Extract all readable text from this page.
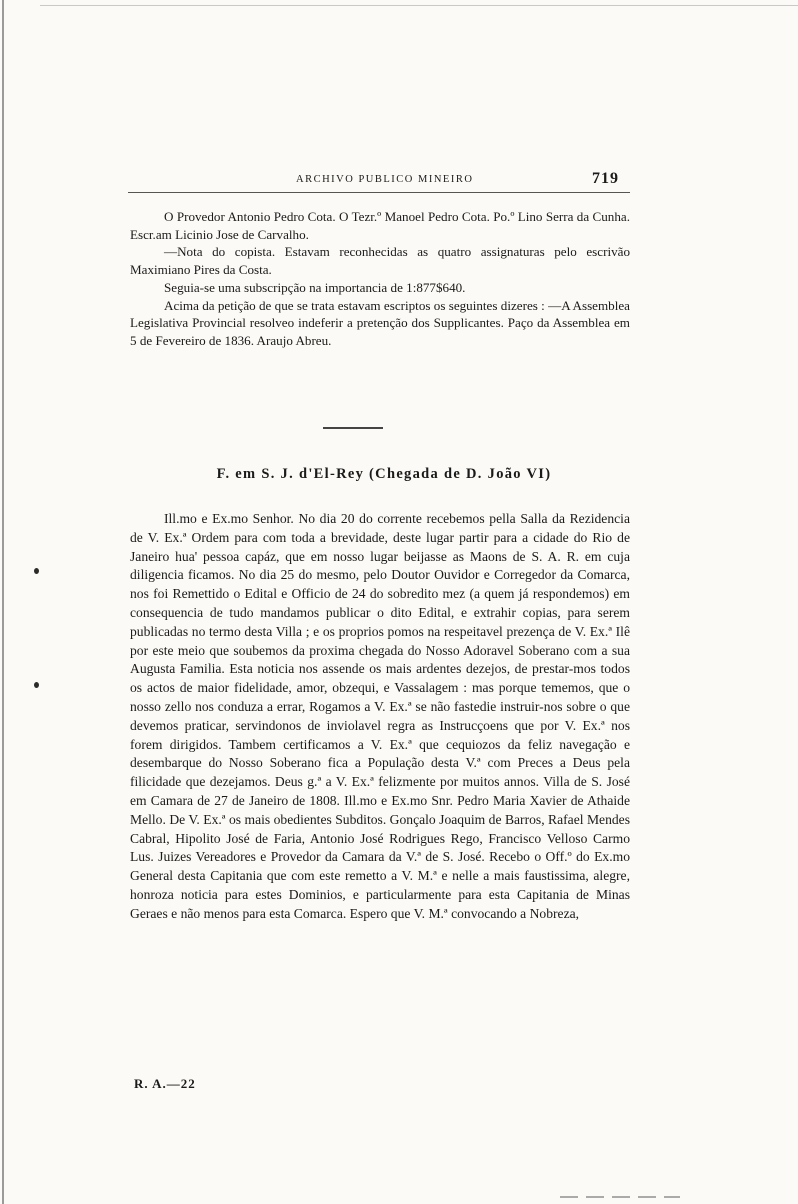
ARCHIVO PUBLICO MINEIRO	719

O Provedor Antonio Pedro Cota. O Tezr.º Manoel Pedro Cota. Po.º Lino Serra da Cunha. Escr.am Licinio Jose de Carvalho.

—Nota do copista. Estavam reconhecidas as quatro assignaturas pelo escrivão Maximiano Pires da Costa.

Seguia-se uma subscripção na importancia de 1:877$640.

Acima da petição de que se trata estavam escriptos os seguintes dizeres : —A Assemblea Legislativa Provincial resolveo indeferir a pretenção dos Supplicantes. Paço da Assemblea em 5 de Fevereiro de 1836. Araujo Abreu.

F. em S. J. d'El-Rey (Chegada de D. João VI)

Ill.mo e Ex.mo Senhor. No dia 20 do corrente recebemos pella Salla da Rezidencia de V. Ex.ª Ordem para com toda a brevidade, deste lugar partir para a cidade do Rio de Janeiro hua' pessoa capáz, que em nosso lugar beijasse as Maons de S. A. R. em cuja diligencia ficamos. No dia 25 do mesmo, pelo Doutor Ouvidor e Corregedor da Comarca, nos foi Remettido o Edital e Officio de 24 do sobredito mez (a quem já respondemos) em consequencia de tudo mandamos publicar o dito Edital, e extrahir copias, para serem publicadas no termo desta Villa ; e os proprios pomos na respeitavel prezença de V. Ex.ª Ilê por este meio que soubemos da proxima chegada do Nosso Adoravel Soberano com a sua Augusta Familia. Esta noticia nos assende os mais ardentes dezejos, de prestar-mos todos os actos de maior fidelidade, amor, obzequi, e Vassalagem : mas porque tememos, que o nosso zello nos conduza a errar, Rogamos a V. Ex.ª se não fastedie instruir-nos sobre o que devemos praticar, servindonos de inviolavel regra as Instrucçoens que por V. Ex.ª nos forem dirigidos. Tambem certificamos a V. Ex.ª que cequiozos da feliz navegação e desembarque do Nosso Soberano fica a População desta V.ª com Preces a Deus pela filicidade que dezejamos. Deus g.ª a V. Ex.ª felizmente por muitos annos. Villa de S. José em Camara de 27 de Janeiro de 1808. Ill.mo e Ex.mo Snr. Pedro Maria Xavier de Athaide Mello. De V. Ex.ª os mais obedientes Subditos. Gonçalo Joaquim de Barros, Rafael Mendes Cabral, Hipolito José de Faria, Antonio José Rodrigues Rego, Francisco Velloso Carmo Lus. Juizes Vereadores e Provedor da Camara da V.ª de S. José. Recebo o Off.º do Ex.mo General desta Capitania que com este remetto a V. M.ª e nelle a mais faustissima, alegre, honroza noticia para estes Dominios, e particularmente para esta Capitania de Minas Geraes e não menos para esta Comarca. Espero que V. M.ª convocando a Nobreza,

R. A.—22
